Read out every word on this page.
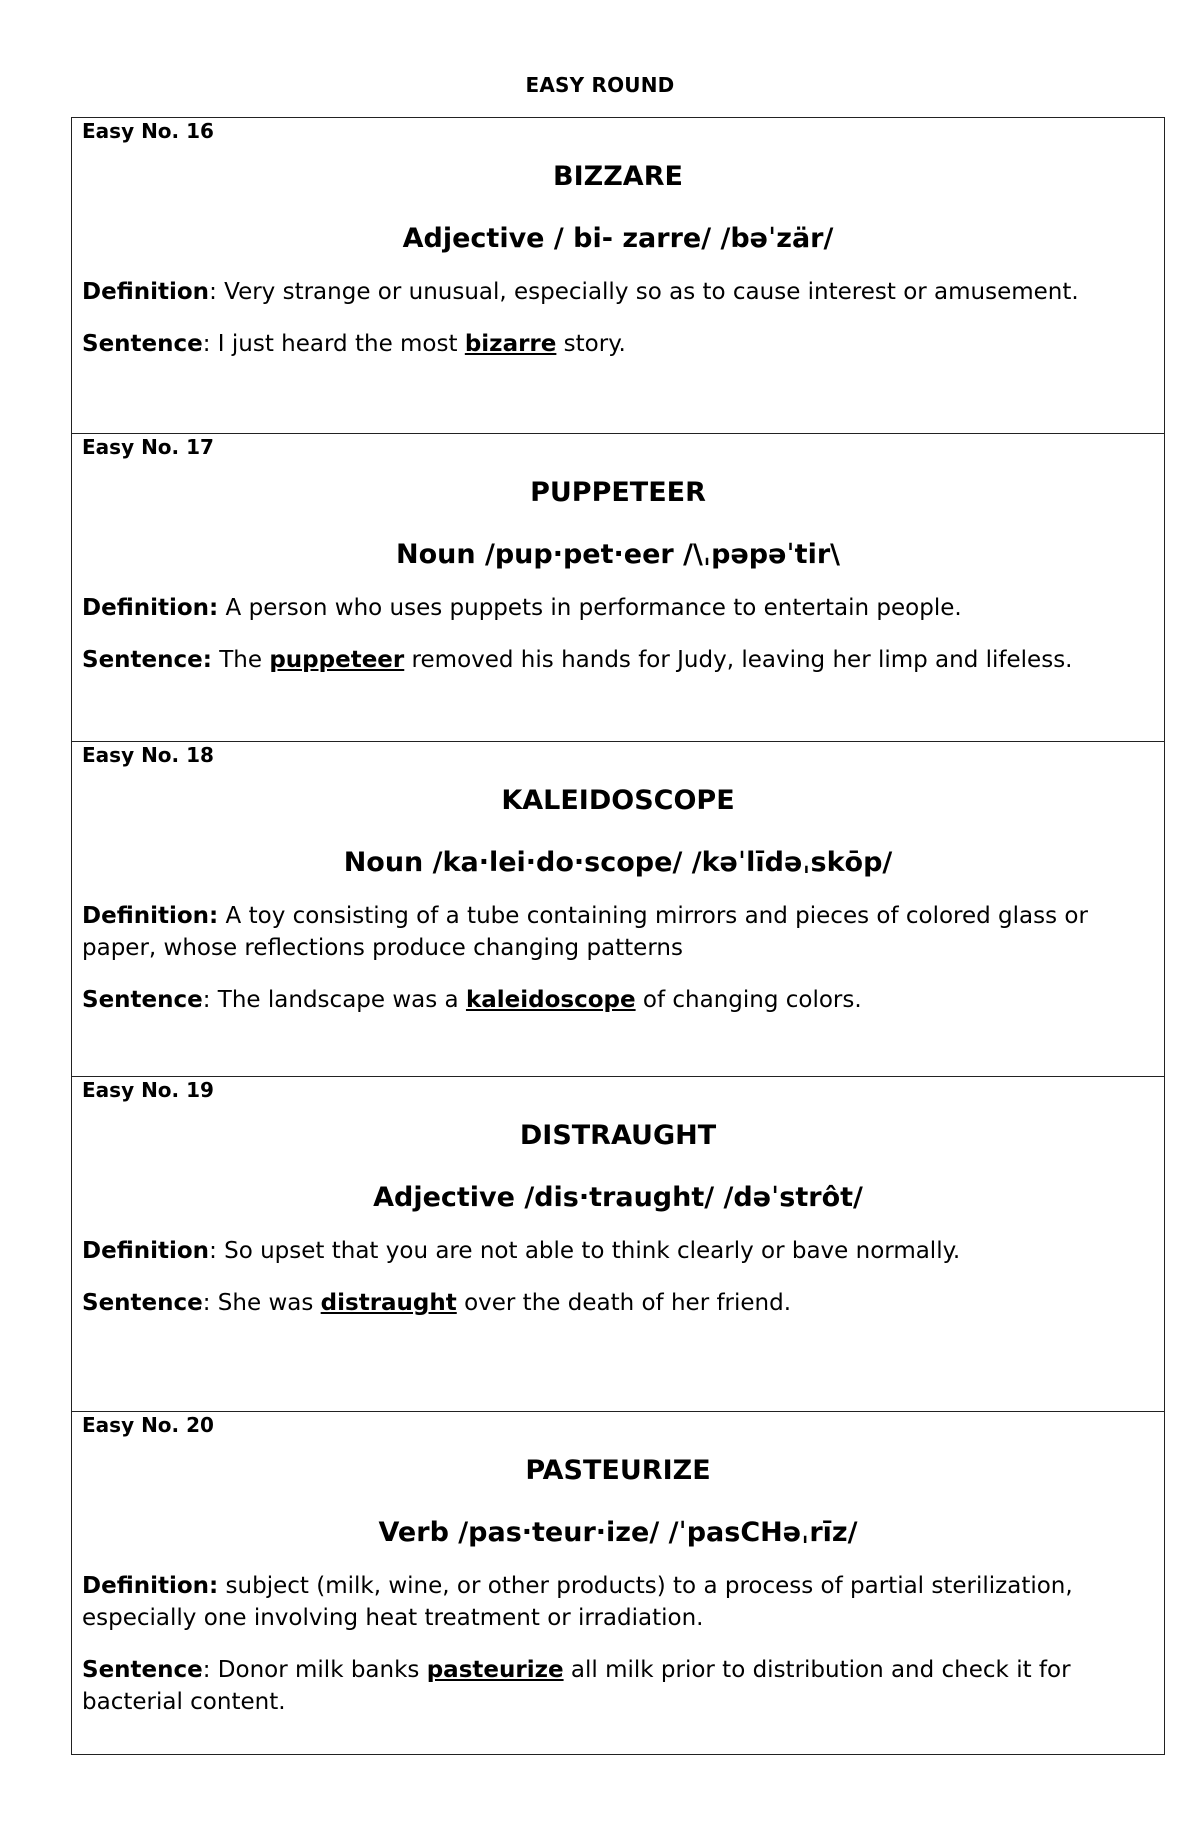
EASY ROUND
Easy No. 16
BIZZARE
Adjective / bi- zarre/ /bəˈzär/
Definition: Very strange or unusual, especially so as to cause interest or amusement.
Sentence: I just heard the most bizarre story.

Easy No. 17
PUPPETEER
Noun /pup·pet·eer /\ˌpəpəˈtir\
Definition: A person who uses puppets in performance to entertain people.
Sentence: The puppeteer removed his hands for Judy, leaving her limp and lifeless.

Easy No. 18
KALEIDOSCOPE
Noun /ka·lei·do·scope/ /kəˈlīdəˌskōp/
Definition: A toy consisting of a tube containing mirrors and pieces of colored glass or paper, whose reflections produce changing patterns
Sentence: The landscape was a kaleidoscope of changing colors.

Easy No. 19
DISTRAUGHT
Adjective /dis·traught/ /dəˈstrôt/
Definition: So upset that you are not able to think clearly or bave normally.
Sentence: She was distraught over the death of her friend.

Easy No. 20
PASTEURIZE
Verb /pas·teur·ize/ /ˈpasCHəˌrīz/
Definition: subject (milk, wine, or other products) to a process of partial sterilization, especially one involving heat treatment or irradiation.
Sentence: Donor milk banks pasteurize all milk prior to distribution and check it for bacterial content.
